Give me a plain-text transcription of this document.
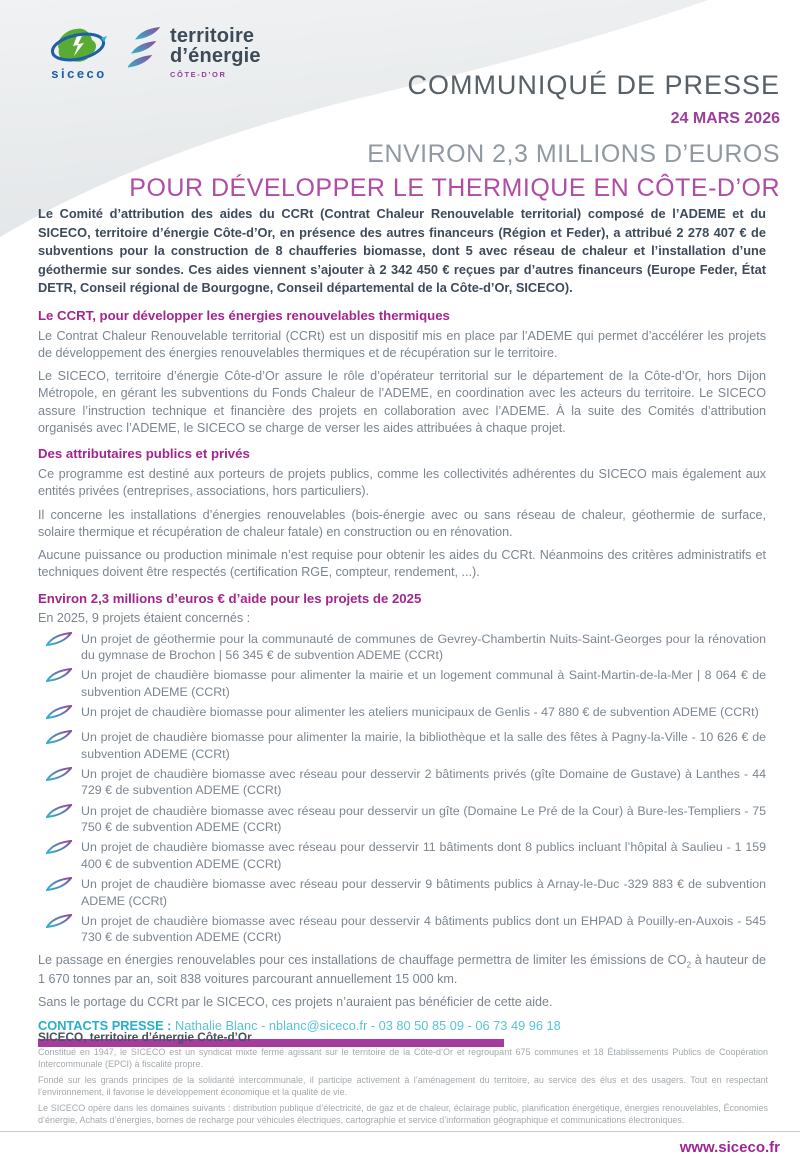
siceco
territoire
d’énergie
CÔTE-D’OR	COMMUNIQUÉ DE PRESSE
24 MARS 2026
ENVIRON 2,3 MILLIONS D’EUROS
POUR DÉVELOPPER LE THERMIQUE EN CÔTE-D’OR

Le Comité d’attribution des aides du CCRt (Contrat Chaleur Renouvelable territorial) composé de l’ADEME et du SICECO, territoire d’énergie Côte-d’Or, en présence des autres financeurs (Région et Feder), a attribué 2 278 407 € de subventions pour la construction de 8 chaufferies biomasse, dont 5 avec réseau de chaleur et l’installation d’une géothermie sur sondes. Ces aides viennent s’ajouter à 2 342 450 € reçues par d’autres financeurs (Europe Feder, État DETR, Conseil régional de Bourgogne, Conseil départemental de la Côte-d’Or, SICECO).

Le CCRT, pour développer les énergies renouvelables thermiques

Le Contrat Chaleur Renouvelable territorial (CCRt) est un dispositif mis en place par l’ADEME qui permet d’accélérer les projets de développement des énergies renouvelables thermiques et de récupération sur le territoire.

Le SICECO, territoire d’énergie Côte-d’Or assure le rôle d’opérateur territorial sur le département de la Côte-d’Or, hors Dijon Métropole, en gérant les subventions du Fonds Chaleur de l’ADEME, en coordination avec les acteurs du territoire. Le SICECO assure l’instruction technique et financière des projets en collaboration avec l’ADEME. À la suite des Comités d’attribution organisés avec l’ADEME, le SICECO se charge de verser les aides attribuées à chaque projet.

Des attributaires publics et privés

Ce programme est destiné aux porteurs de projets publics, comme les collectivités adhérentes du SICECO mais également aux entités privées (entreprises, associations, hors particuliers).

Il concerne les installations d’énergies renouvelables (bois-énergie avec ou sans réseau de chaleur, géothermie de surface, solaire thermique et récupération de chaleur fatale) en construction ou en rénovation.

Aucune puissance ou production minimale n’est requise pour obtenir les aides du CCRt. Néanmoins des critères administratifs et techniques doivent être respectés (certification RGE, compteur, rendement, ...).

Environ 2,3 millions d’euros € d’aide pour les projets de 2025

En 2025, 9 projets étaient concernés :

Un projet de géothermie pour la communauté de communes de Gevrey-Chambertin Nuits-Saint-Georges pour la rénovation du gymnase de Brochon | 56 345 € de subvention ADEME (CCRt)
Un projet de chaudière biomasse pour alimenter la mairie et un logement communal à Saint-Martin-de-la-Mer | 8 064 € de subvention ADEME (CCRt)
Un projet de chaudière biomasse pour alimenter les ateliers municipaux de Genlis - 47 880 € de subvention ADEME (CCRt)
Un projet de chaudière biomasse pour alimenter la mairie, la bibliothèque et la salle des fêtes à Pagny-la-Ville - 10 626 € de subvention ADEME (CCRt)
Un projet de chaudière biomasse avec réseau pour desservir 2 bâtiments privés (gîte Domaine de Gustave) à Lanthes - 44 729 € de subvention ADEME (CCRt)
Un projet de chaudière biomasse avec réseau pour desservir un gîte (Domaine Le Pré de la Cour) à Bure-les-Templiers - 75 750 € de subvention ADEME (CCRt)
Un projet de chaudière biomasse avec réseau pour desservir 11 bâtiments dont 8 publics incluant l’hôpital à Saulieu - 1 159 400 € de subvention ADEME (CCRt)
Un projet de chaudière biomasse avec réseau pour desservir 9 bâtiments publics à Arnay-le-Duc -329 883 € de subvention ADEME (CCRt)
Un projet de chaudière biomasse avec réseau pour desservir 4 bâtiments publics dont un EHPAD à Pouilly-en-Auxois - 545 730 € de subvention ADEME (CCRt)

Le passage en énergies renouvelables pour ces installations de chauffage permettra de limiter les émissions de $CO_2$ à hauteur de 1 670 tonnes par an, soit 838 voitures parcourant annuellement 15 000 km.

Sans le portage du CCRt par le SICECO, ces projets n’auraient pas bénéficier de cette aide.

CONTACTS PRESSE : Nathalie Blanc - nblanc@siceco.fr - 03 80 50 85 09 - 06 73 49 96 18

SICECO, territoire d’énergie Côte-d’Or

Constitué en 1947, le SICECO est un syndicat mixte fermé agissant sur le territoire de la Côte-d’Or et regroupant 675 communes et 18 Établissements Publics de Coopération Intercommunale (EPCI) à fiscalité propre.

Fondé sur les grands principes de la solidarité intercommunale, il participe activement à l’aménagement du territoire, au service des élus et des usagers. Tout en respectant l’environnement, il favorise le développement économique et la qualité de vie.

Le SICECO opère dans les domaines suivants : distribution publique d’électricité, de gaz et de chaleur, éclairage public, planification énergétique, énergies renouvelables, Économies d’énergie, Achats d’énergies, bornes de recharge pour véhicules électriques, cartographie et service d’information géographique et communications électroniques.

www.siceco.fr
